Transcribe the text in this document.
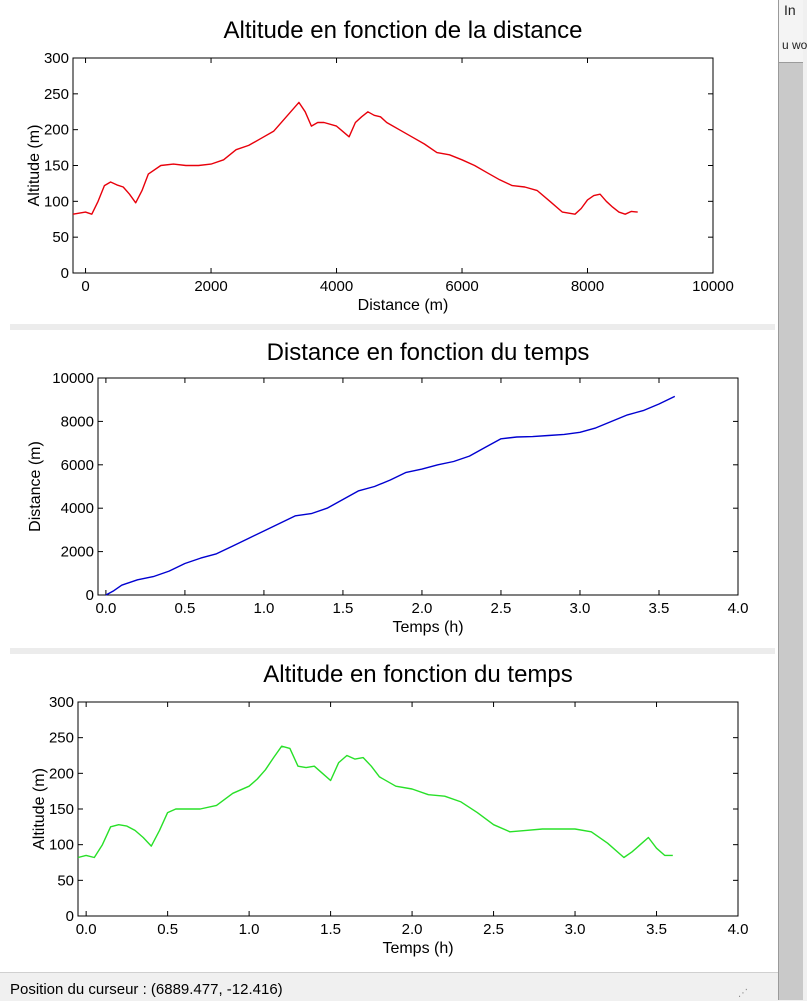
In
u wo
Altitude en fonction de la distance
0
50
100
150
200
250
300
0	2000	4000	6000	8000	10000
Distance (m)
Altitude (m)
Distance en fonction du temps
0
2000
4000
6000
8000
10000
0.0	0.5	1.0	1.5	2.0	2.5	3.0	3.5	4.0
Temps (h)
Distance (m)
Altitude en fonction du temps
0
50
100
150
200
250
300
0.0	0.5	1.0	1.5	2.0	2.5	3.0	3.5	4.0
Temps (h)
Altitude (m)
Position du curseur : (6889.477, -12.416)	⋰
